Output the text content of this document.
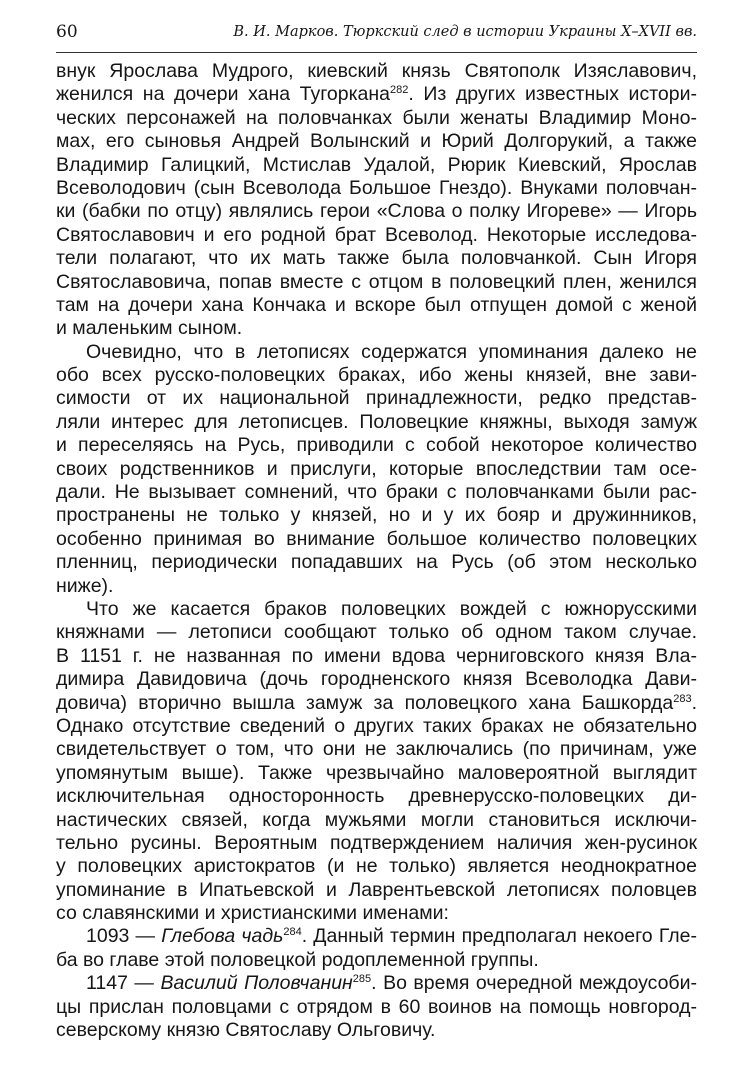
60	В. И. Марков. Тюркский след в истории Украины X–XVII вв.
внук Ярослава Мудрого, киевский князь Святополк Изяславович,
женился на дочери хана Тугоркана$^{282}$. Из других известных истори-
ческих персонажей на половчанках были женаты Владимир Моно-
мах, его сыновья Андрей Волынский и Юрий Долгорукий, а также
Владимир Галицкий, Мстислав Удалой, Рюрик Киевский, Ярослав
Всеволодович (сын Всеволода Большое Гнездо). Внуками половчан-
ки (бабки по отцу) являлись герои «Слова о полку Игореве» — Игорь
Святославович и его родной брат Всеволод. Некоторые исследова-
тели полагают, что их мать также была половчанкой. Сын Игоря
Святославовича, попав вместе с отцом в половецкий плен, женился
там на дочери хана Кончака и вскоре был отпущен домой с женой
и маленьким сыном.
Очевидно, что в летописях содержатся упоминания далеко не
обо всех русско-половецких браках, ибо жены князей, вне зави-
симости от их национальной принадлежности, редко представ-
ляли интерес для летописцев. Половецкие княжны, выходя замуж
и переселяясь на Русь, приводили с собой некоторое количество
своих родственников и прислуги, которые впоследствии там осе-
дали. Не вызывает сомнений, что браки с половчанками были рас-
пространены не только у князей, но и у их бояр и дружинников,
особенно принимая во внимание большое количество половецких
пленниц, периодически попадавших на Русь (об этом несколько
ниже).
Что же касается браков половецких вождей с южнорусскими
княжнами — летописи сообщают только об одном таком случае.
В 1151 г. не названная по имени вдова черниговского князя Вла-
димира Давидовича (дочь городненского князя Всеволодка Дави-
довича) вторично вышла замуж за половецкого хана Башкорда$^{283}$.
Однако отсутствие сведений о других таких браках не обязательно
свидетельствует о том, что они не заключались (по причинам, уже
упомянутым выше). Также чрезвычайно маловероятной выглядит
исключительная односторонность древнерусско-половецких ди-
настических связей, когда мужьями могли становиться исключи-
тельно русины. Вероятным подтверждением наличия жен-русинок
у половецких аристократов (и не только) является неоднократное
упоминание в Ипатьевской и Лаврентьевской летописях половцев
со славянскими и христианскими именами:
1093 — Глебова чадь$^{284}$. Данный термин предполагал некоего Гле-
ба во главе этой половецкой родоплеменной группы.
1147 — Василий Половчанин$^{285}$. Во время очередной междоусоби-
цы прислан половцами с отрядом в 60 воинов на помощь новгород-
северскому князю Святославу Ольговичу.
